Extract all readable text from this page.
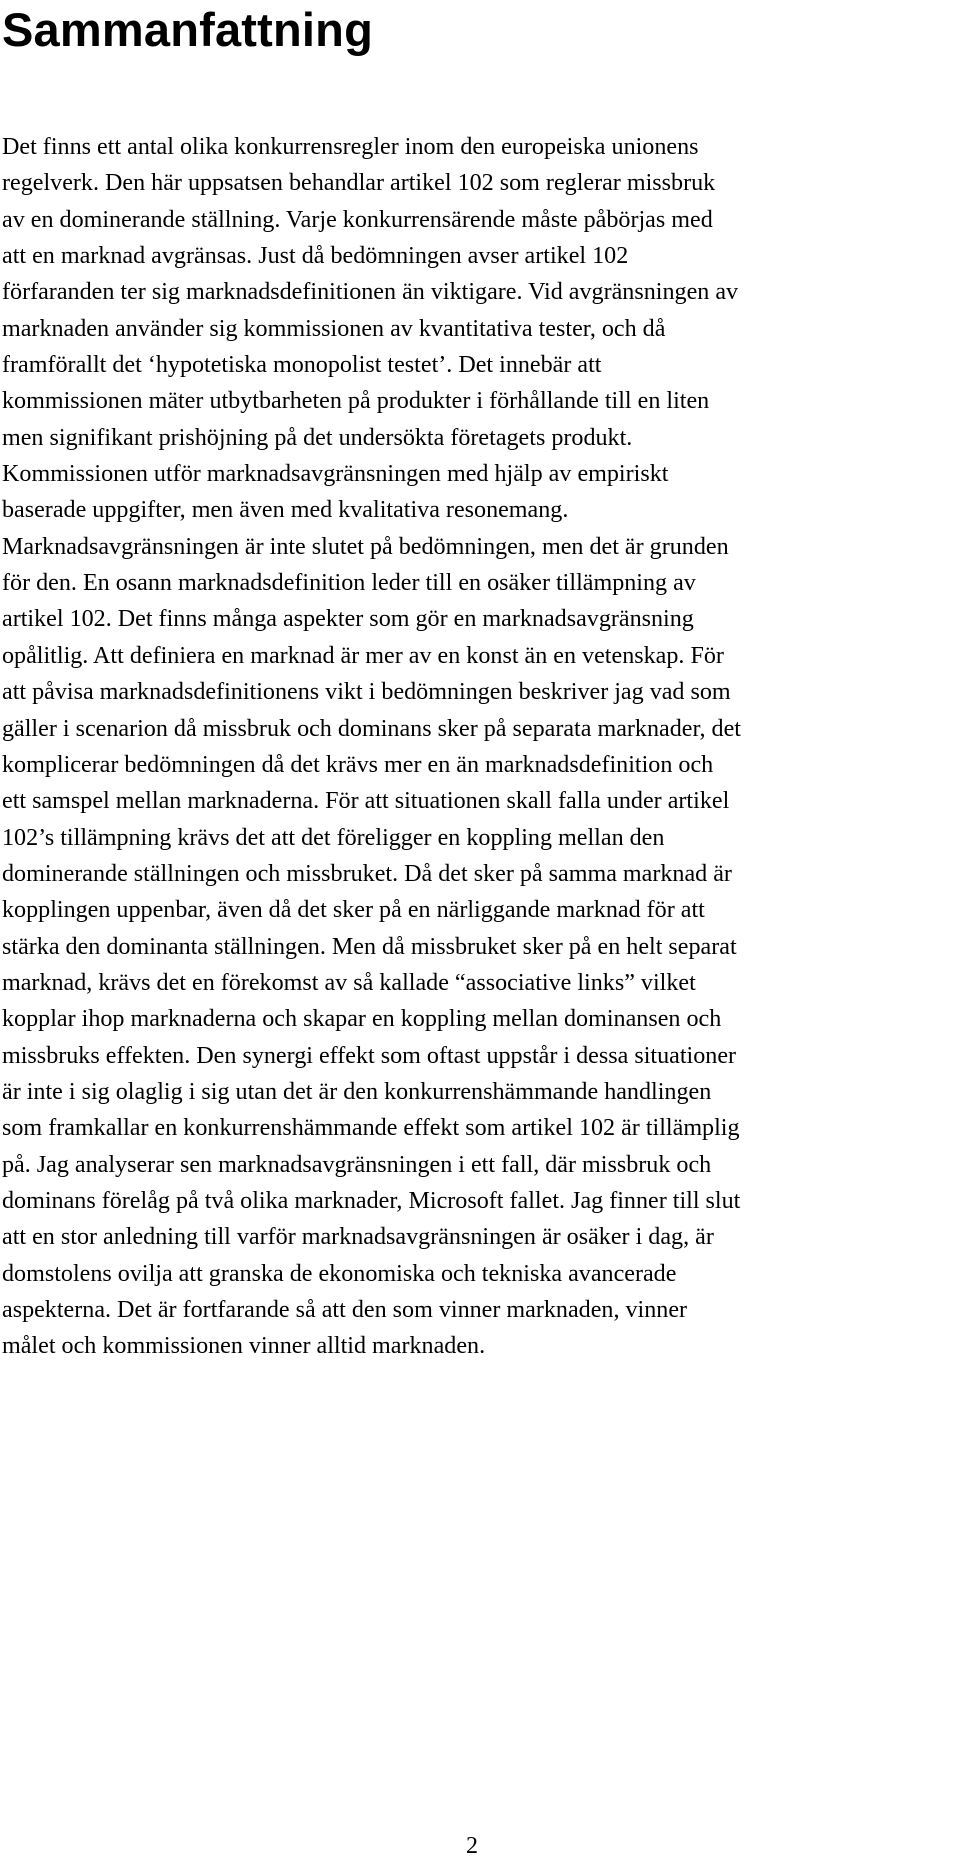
Sammanfattning
Det finns ett antal olika konkurrensregler inom den europeiska unionens
regelverk. Den här uppsatsen behandlar artikel 102 som reglerar missbruk
av en dominerande ställning. Varje konkurrensärende måste påbörjas med
att en marknad avgränsas. Just då bedömningen avser artikel 102
förfaranden ter sig marknadsdefinitionen än viktigare. Vid avgränsningen av
marknaden använder sig kommissionen av kvantitativa tester, och då
framförallt det ‘hypotetiska monopolist testet’. Det innebär att
kommissionen mäter utbytbarheten på produkter i förhållande till en liten
men signifikant prishöjning på det undersökta företagets produkt.
Kommissionen utför marknadsavgränsningen med hjälp av empiriskt
baserade uppgifter, men även med kvalitativa resonemang.
Marknadsavgränsningen är inte slutet på bedömningen, men det är grunden
för den. En osann marknadsdefinition leder till en osäker tillämpning av
artikel 102. Det finns många aspekter som gör en marknadsavgränsning
opålitlig. Att definiera en marknad är mer av en konst än en vetenskap. För
att påvisa marknadsdefinitionens vikt i bedömningen beskriver jag vad som
gäller i scenarion då missbruk och dominans sker på separata marknader, det
komplicerar bedömningen då det krävs mer en än marknadsdefinition och
ett samspel mellan marknaderna. För att situationen skall falla under artikel
102’s tillämpning krävs det att det föreligger en koppling mellan den
dominerande ställningen och missbruket. Då det sker på samma marknad är
kopplingen uppenbar, även då det sker på en närliggande marknad för att
stärka den dominanta ställningen. Men då missbruket sker på en helt separat
marknad, krävs det en förekomst av så kallade “associative links” vilket
kopplar ihop marknaderna och skapar en koppling mellan dominansen och
missbruks effekten. Den synergi effekt som oftast uppstår i dessa situationer
är inte i sig olaglig i sig utan det är den konkurrenshämmande handlingen
som framkallar en konkurrenshämmande effekt som artikel 102 är tillämplig
på. Jag analyserar sen marknadsavgränsningen i ett fall, där missbruk och
dominans förelåg på två olika marknader, Microsoft fallet. Jag finner till slut
att en stor anledning till varför marknadsavgränsningen är osäker i dag, är
domstolens ovilja att granska de ekonomiska och tekniska avancerade
aspekterna. Det är fortfarande så att den som vinner marknaden, vinner
målet och kommissionen vinner alltid marknaden.
2
